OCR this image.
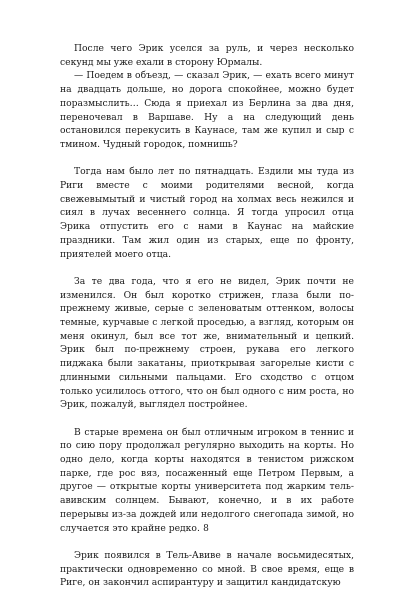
После чего Эрик уселся за руль, и через несколько секунд мы уже ехали в сторону Юрмалы.

— Поедем в объезд, — сказал Эрик, — ехать всего минут на двадцать дольше, но дорога спокойнее, можно будет поразмыслить… Сюда я приехал из Берлина за два дня, переночевал в Варшаве. Ну а на следующий день остановился перекусить в Каунасе, там же купил и сыр с тмином. Чудный городок, помнишь?

Тогда нам было лет по пятнадцать. Ездили мы туда из Риги вместе с моими родителями весной, когда свежевымытый и чистый город на холмах весь нежился и сиял в лучах весеннего солнца. Я тогда упросил отца Эрика отпустить его с нами в Каунас на майские праздники. Там жил один из старых, еще по фронту, приятелей моего отца.

За те два года, что я его не видел, Эрик почти не изменился. Он был коротко стрижен, глаза были по-прежнему живые, серые с зеленоватым оттенком, волосы темные, курчавые с легкой проседью, а взгляд, которым он меня окинул, был все тот же, внимательный и цепкий. Эрик был по-прежнему строен, рукава его легкого пиджака были закатаны, приоткрывая загорелые кисти с длинными сильными пальцами. Его сходство с отцом только усилилось оттого, что он был одного с ним роста, но Эрик, пожалуй, выглядел постройнее.

В старые времена он был отличным игроком в теннис и по сию пору продолжал регулярно выходить на корты. Но одно дело, когда корты находятся в тенистом рижском парке, где рос вяз, посаженный еще Петром Первым, а другое — открытые корты университета под жарким тель-авивским солнцем. Бывают, конечно, и в их работе перерывы из-за дождей или недолгого снегопада зимой, но случается это крайне редко.

Эрик появился в Тель-Авиве в начале восьмидесятых, практически одновременно со мной. В свое время, еще в Риге, он закончил аспирантуру и защитил кандидатскую

8
